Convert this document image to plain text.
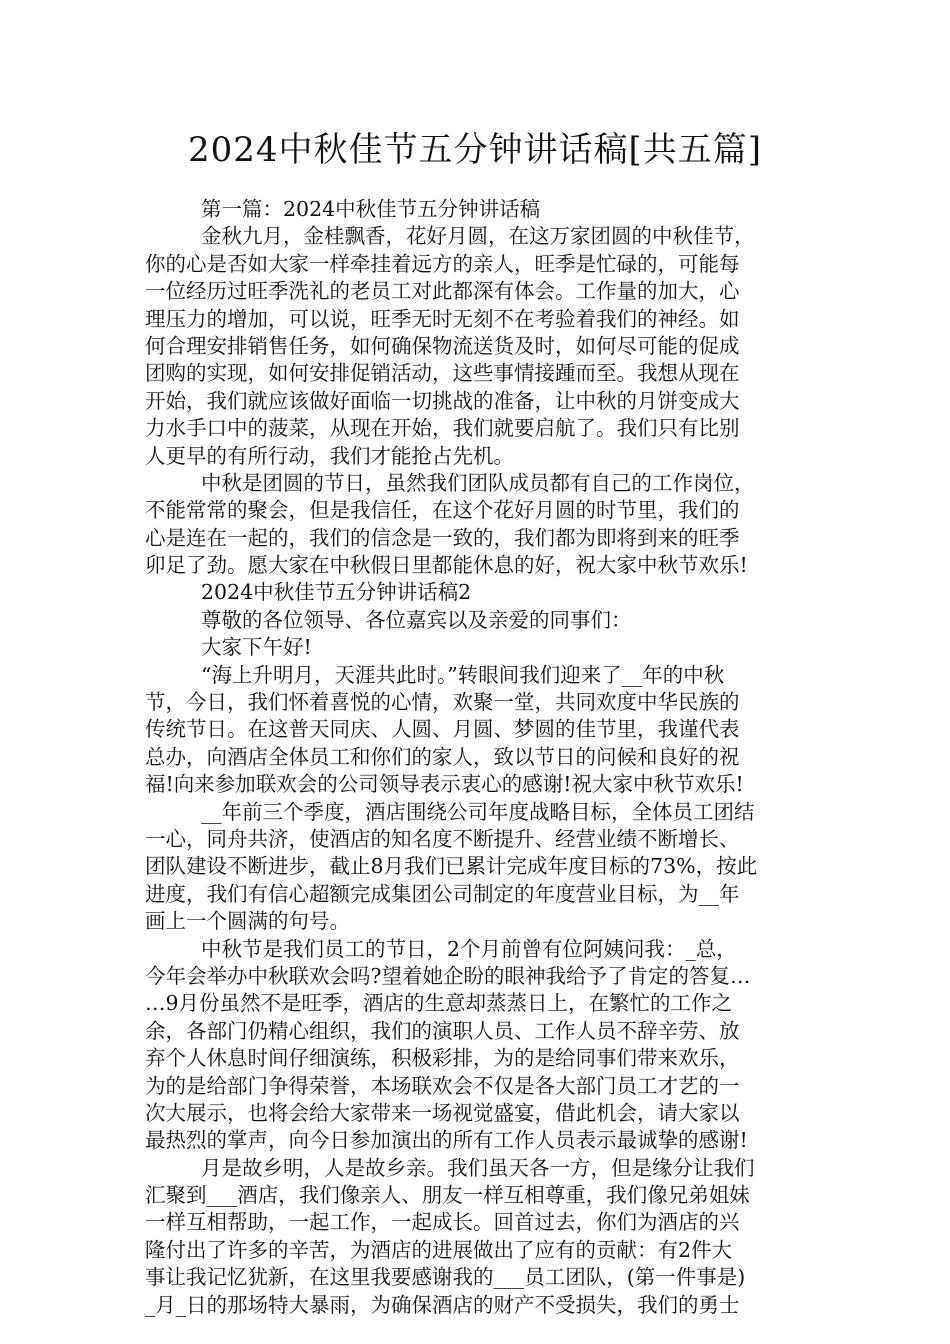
2024中秋佳节五分钟讲话稿[共五篇]
第一篇：2024中秋佳节五分钟讲话稿
金秋九月，金桂飘香，花好月圆，在这万家团圆的中秋佳节，
你的心是否如大家一样牵挂着远方的亲人，旺季是忙碌的，可能每
一位经历过旺季洗礼的老员工对此都深有体会。工作量的加大，心
理压力的增加，可以说，旺季无时无刻不在考验着我们的神经。如
何合理安排销售任务，如何确保物流送货及时，如何尽可能的促成
团购的实现，如何安排促销活动，这些事情接踵而至。我想从现在
开始，我们就应该做好面临一切挑战的准备，让中秋的月饼变成大
力水手口中的菠菜，从现在开始，我们就要启航了。我们只有比别
人更早的有所行动，我们才能抢占先机。
中秋是团圆的节日，虽然我们团队成员都有自己的工作岗位，
不能常常的聚会，但是我信任，在这个花好月圆的时节里，我们的
心是连在一起的，我们的信念是一致的，我们都为即将到来的旺季
卯足了劲。愿大家在中秋假日里都能休息的好，祝大家中秋节欢乐!
2024中秋佳节五分钟讲话稿2
尊敬的各位领导、各位嘉宾以及亲爱的同事们：
大家下午好!
“海上升明月，天涯共此时。”转眼间我们迎来了__年的中秋
节，今日，我们怀着喜悦的心情，欢聚一堂，共同欢度中华民族的
传统节日。在这普天同庆、人圆、月圆、梦圆的佳节里，我谨代表
总办，向酒店全体员工和你们的家人，致以节日的问候和良好的祝
福!向来参加联欢会的公司领导表示衷心的感谢!祝大家中秋节欢乐!
__年前三个季度，酒店围绕公司年度战略目标，全体员工团结
一心，同舟共济，使酒店的知名度不断提升、经营业绩不断增长、
团队建设不断进步，截止8月我们已累计完成年度目标的73%，按此
进度，我们有信心超额完成集团公司制定的年度营业目标，为__年
画上一个圆满的句号。
中秋节是我们员工的节日，2个月前曾有位阿姨问我：_总，
今年会举办中秋联欢会吗?望着她企盼的眼神我给予了肯定的答复…
…9月份虽然不是旺季，酒店的生意却蒸蒸日上，在繁忙的工作之
余，各部门仍精心组织，我们的演职人员、工作人员不辞辛劳、放
弃个人休息时间仔细演练，积极彩排，为的是给同事们带来欢乐，
为的是给部门争得荣誉，本场联欢会不仅是各大部门员工才艺的一
次大展示，也将会给大家带来一场视觉盛宴，借此机会，请大家以
最热烈的掌声，向今日参加演出的所有工作人员表示最诚挚的感谢!
月是故乡明，人是故乡亲。我们虽天各一方，但是缘分让我们
汇聚到___酒店，我们像亲人、朋友一样互相尊重，我们像兄弟姐妹
一样互相帮助，一起工作，一起成长。回首过去，你们为酒店的兴
隆付出了许多的辛苦，为酒店的进展做出了应有的贡献：有2件大
事让我记忆犹新，在这里我要感谢我的___员工团队，(第一件事是)
_月_日的那场特大暴雨，为确保酒店的财产不受损失，我们的勇士
